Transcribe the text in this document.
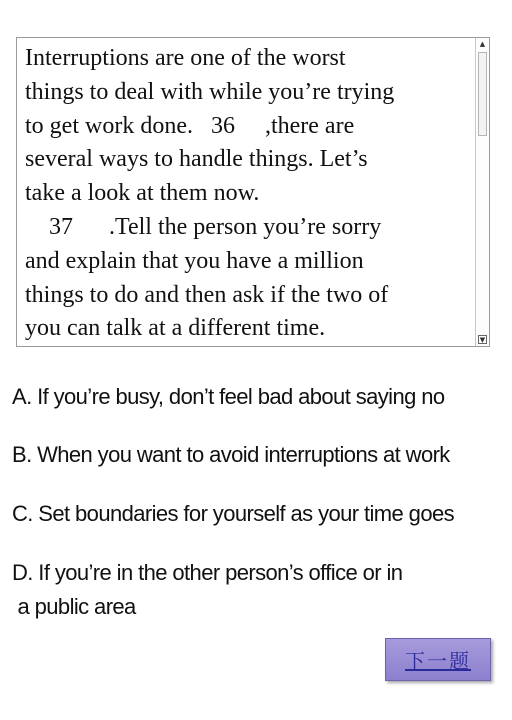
Interruptions are one of the worst
things to deal with while you’re trying
to get work done.   36     ,there are
several ways to handle things. Let’s
take a look at them now.
37      .Tell the person you’re sorry
and explain that you have a million
things to do and then ask if the two of
you can talk at a different time.
▲
▼
A. If you’re busy, don’t feel bad about saying no
B. When you want to avoid interruptions at work
C. Set boundaries for yourself as your time goes
D. If you’re in the other person’s office or in
a public area
下一题
